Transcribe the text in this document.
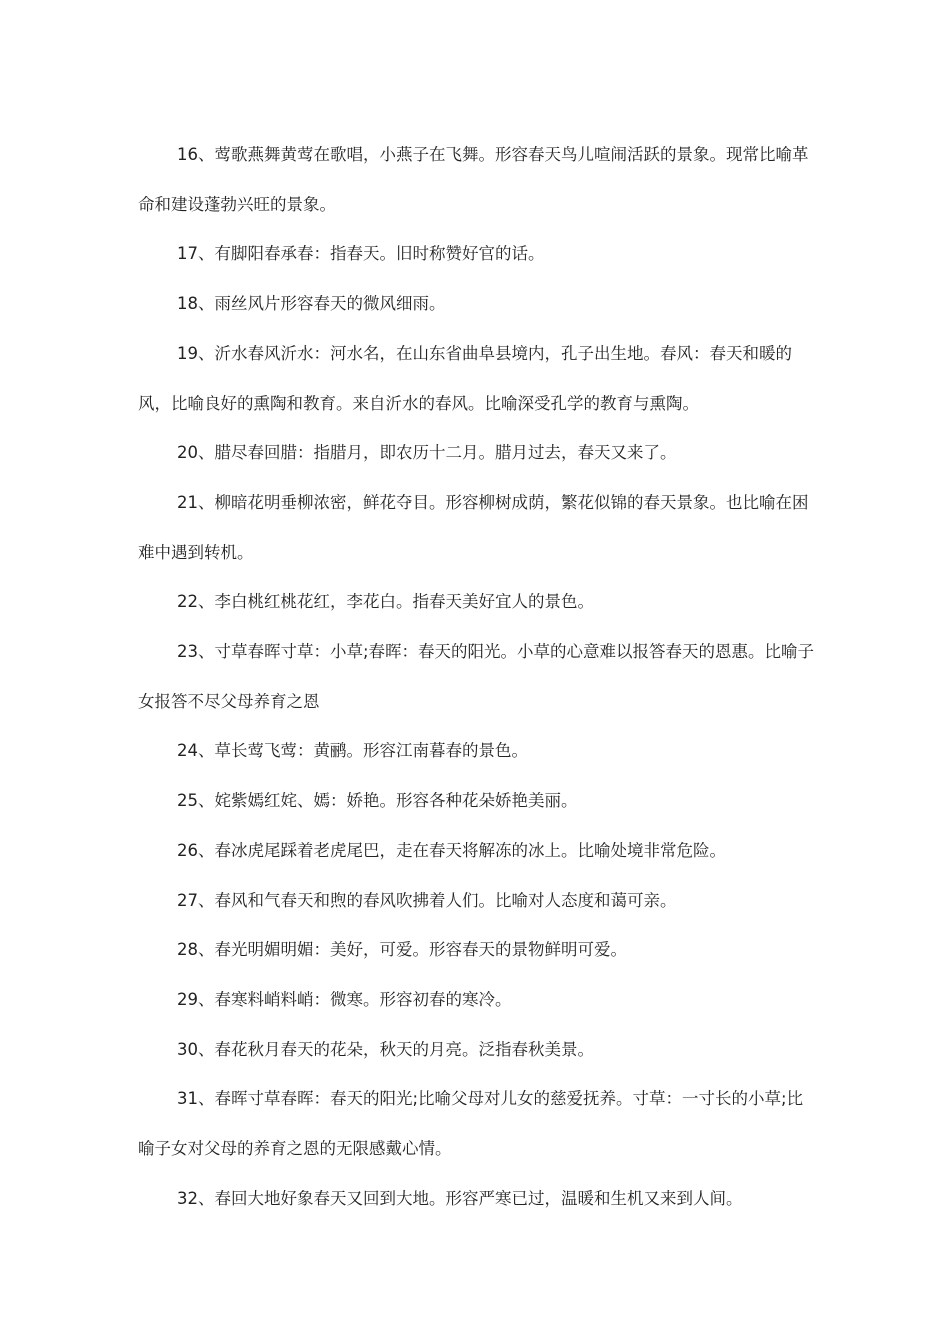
16、莺歌燕舞黄莺在歌唱，小燕子在飞舞。形容春天鸟儿喧闹活跃的景象。现常比喻革命和建设蓬勃兴旺的景象。

17、有脚阳春承春：指春天。旧时称赞好官的话。

18、雨丝风片形容春天的微风细雨。

19、沂水春风沂水：河水名，在山东省曲阜县境内，孔子出生地。春风：春天和暖的风，比喻良好的熏陶和教育。来自沂水的春风。比喻深受孔学的教育与熏陶。

20、腊尽春回腊：指腊月，即农历十二月。腊月过去，春天又来了。

21、柳暗花明垂柳浓密，鲜花夺目。形容柳树成荫，繁花似锦的春天景象。也比喻在困难中遇到转机。

22、李白桃红桃花红，李花白。指春天美好宜人的景色。

23、寸草春晖寸草：小草;春晖：春天的阳光。小草的心意难以报答春天的恩惠。比喻子女报答不尽父母养育之恩

24、草长莺飞莺：黄鹂。形容江南暮春的景色。

25、姹紫嫣红姹、嫣：娇艳。形容各种花朵娇艳美丽。

26、春冰虎尾踩着老虎尾巴，走在春天将解冻的冰上。比喻处境非常危险。

27、春风和气春天和煦的春风吹拂着人们。比喻对人态度和蔼可亲。

28、春光明媚明媚：美好，可爱。形容春天的景物鲜明可爱。

29、春寒料峭料峭：微寒。形容初春的寒冷。

30、春花秋月春天的花朵，秋天的月亮。泛指春秋美景。

31、春晖寸草春晖：春天的阳光;比喻父母对儿女的慈爱抚养。寸草：一寸长的小草;比喻子女对父母的养育之恩的无限感戴心情。

32、春回大地好象春天又回到大地。形容严寒已过，温暖和生机又来到人间。
